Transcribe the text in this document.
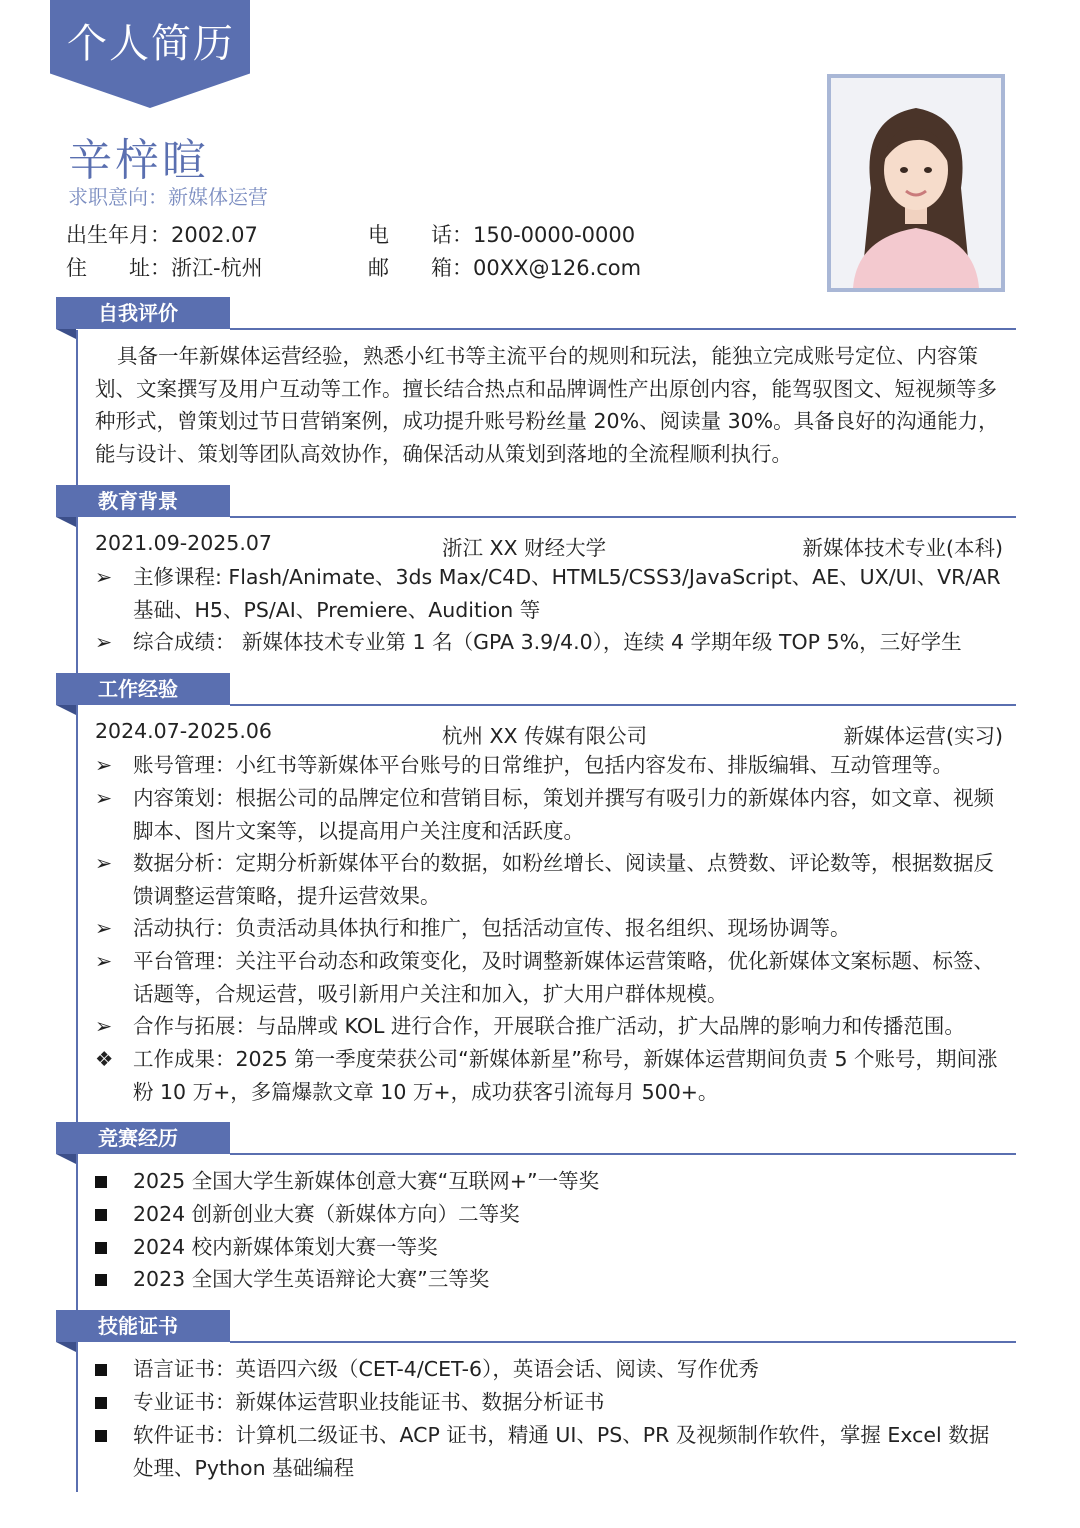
个人简历
辛梓暄
求职意向：新媒体运营
出生年月：2002.07
住　　址：浙江-杭州
电　　话：150-0000-0000
邮　　箱：00XX@126.com
自我评价
具备一年新媒体运营经验，熟悉小红书等主流平台的规则和玩法，能独立完成账号定位、内容策划、文案撰写及用户互动等工作。擅长结合热点和品牌调性产出原创内容，能驾驭图文、短视频等多种形式，曾策划过节日营销案例，成功提升账号粉丝量 20%、阅读量 30%。具备良好的沟通能力，能与设计、策划等团队高效协作，确保活动从策划到落地的全流程顺利执行。
教育背景
2021.09-2025.07	浙江 XX 财经大学	新媒体技术专业(本科)
➢	主修课程: Flash/Animate、3ds Max/C4D、HTML5/CSS3/JavaScript、AE、UX/UI、VR/AR 基础、H5、PS/AI、Premiere、Audition 等
➢	综合成绩： 新媒体技术专业第 1 名（GPA 3.9/4.0），连续 4 学期年级 TOP 5%，三好学生
工作经验
2024.07-2025.06	杭州 XX 传媒有限公司	新媒体运营(实习)
➢	账号管理：小红书等新媒体平台账号的日常维护，包括内容发布、排版编辑、互动管理等。
➢	内容策划：根据公司的品牌定位和营销目标，策划并撰写有吸引力的新媒体内容，如文章、视频脚本、图片文案等，以提高用户关注度和活跃度。
➢	数据分析：定期分析新媒体平台的数据，如粉丝增长、阅读量、点赞数、评论数等，根据数据反馈调整运营策略，提升运营效果。
➢	活动执行：负责活动具体执行和推广，包括活动宣传、报名组织、现场协调等。
➢	平台管理：关注平台动态和政策变化，及时调整新媒体运营策略，优化新媒体文案标题、标签、话题等，合规运营，吸引新用户关注和加入，扩大用户群体规模。
➢	合作与拓展：与品牌或 KOL 进行合作，开展联合推广活动，扩大品牌的影响力和传播范围。
❖ 工作成果：2025 第一季度荣获公司“新媒体新星”称号，新媒体运营期间负责 5 个账号，期间涨粉 10 万+，多篇爆款文章 10 万+，成功获客引流每月 500+。
竞赛经历
2025 全国大学生新媒体创意大赛“互联网+”一等奖
2024 创新创业大赛（新媒体方向）二等奖
2024 校内新媒体策划大赛一等奖
2023 全国大学生英语辩论大赛”三等奖
技能证书
语言证书：英语四六级（CET-4/CET-6），英语会话、阅读、写作优秀
专业证书：新媒体运营职业技能证书、数据分析证书
软件证书：计算机二级证书、ACP 证书，精通 UI、PS、PR 及视频制作软件，掌握 Excel 数据处理、Python 基础编程
